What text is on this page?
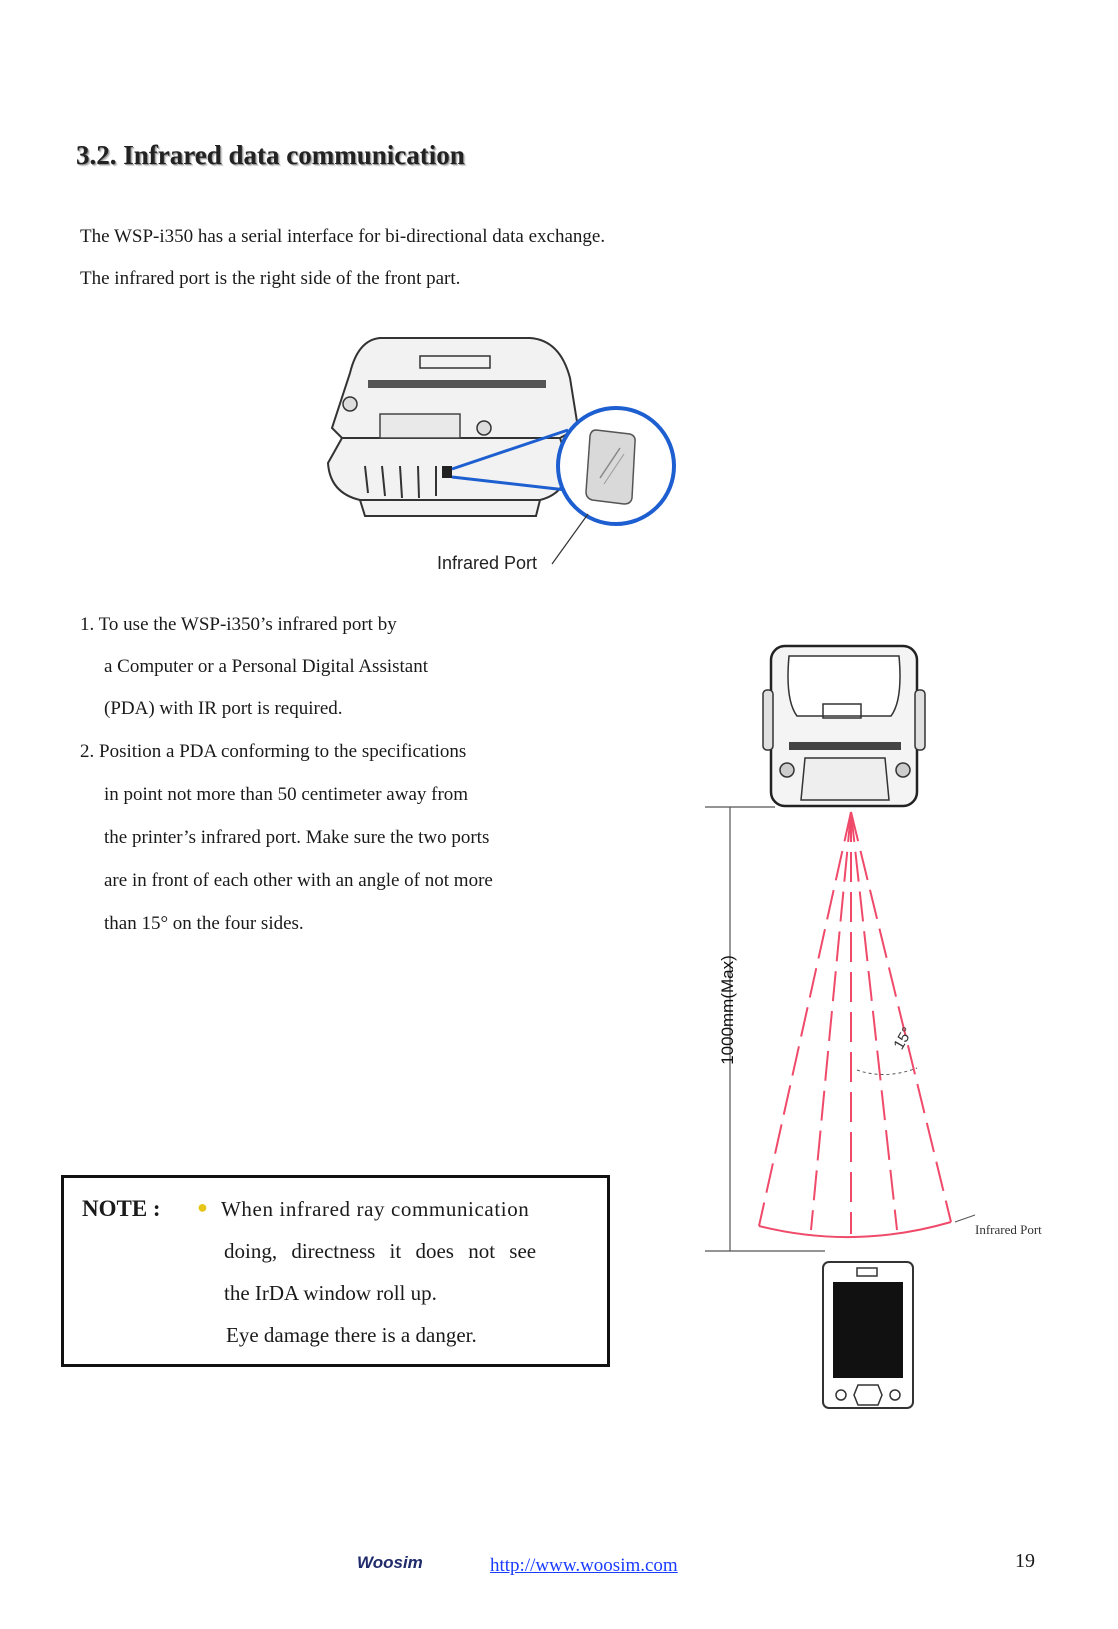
3.2. Infrared data communication
The WSP-i350 has a serial interface for bi-directional data exchange.
The infrared port is the right side of the front part.
Infrared Port
1. To use the WSP-i350’s infrared port by
a Computer or a Personal Digital Assistant
(PDA) with IR port is required.
2. Position a PDA conforming to the specifications
in point not more than 50 centimeter away from
the printer’s infrared port. Make sure the two ports
are in front of each other with an angle of not more
than 15° on the four sides.
1000mm(Max)	15°
Infrared Port
NOTE : ● When infrared ray communication
doing, directness it does not see
the IrDA window roll up.
Eye damage there is a danger.
Woosim	http://www.woosim.com	19
